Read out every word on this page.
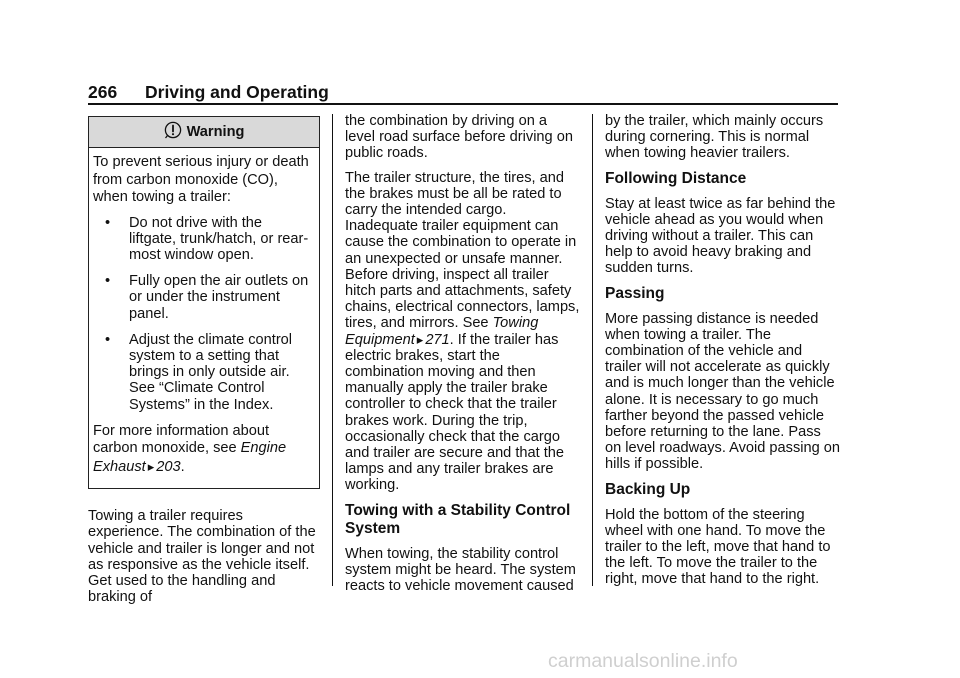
266 Driving and Operating
Warning

To prevent serious injury or death from carbon monoxide (CO), when towing a trailer:

• Do not drive with the liftgate, trunk/hatch, or rear-most window open.
• Fully open the air outlets on or under the instrument panel.
• Adjust the climate control system to a setting that brings in only outside air. See “Climate Control Systems” in the Index.

For more information about carbon monoxide, see Engine Exhaust ▸ 203.

Towing a trailer requires experience. The combination of the vehicle and trailer is longer and not as responsive as the vehicle itself. Get used to the handling and braking of

the combination by driving on a level road surface before driving on public roads.

The trailer structure, the tires, and the brakes must be all be rated to carry the intended cargo. Inadequate trailer equipment can cause the combination to operate in an unexpected or unsafe manner. Before driving, inspect all trailer hitch parts and attachments, safety chains, electrical connectors, lamps, tires, and mirrors. See Towing Equipment ▸ 271. If the trailer has electric brakes, start the combination moving and then manually apply the trailer brake controller to check that the trailer brakes work. During the trip, occasionally check that the cargo and trailer are secure and that the lamps and any trailer brakes are working.

Towing with a Stability Control System

When towing, the stability control system might be heard. The system reacts to vehicle movement caused

by the trailer, which mainly occurs during cornering. This is normal when towing heavier trailers.

Following Distance

Stay at least twice as far behind the vehicle ahead as you would when driving without a trailer. This can help to avoid heavy braking and sudden turns.

Passing

More passing distance is needed when towing a trailer. The combination of the vehicle and trailer will not accelerate as quickly and is much longer than the vehicle alone. It is necessary to go much farther beyond the passed vehicle before returning to the lane. Pass on level roadways. Avoid passing on hills if possible.

Backing Up

Hold the bottom of the steering wheel with one hand. To move the trailer to the left, move that hand to the left. To move the trailer to the right, move that hand to the right.

carmanualsonline.info
